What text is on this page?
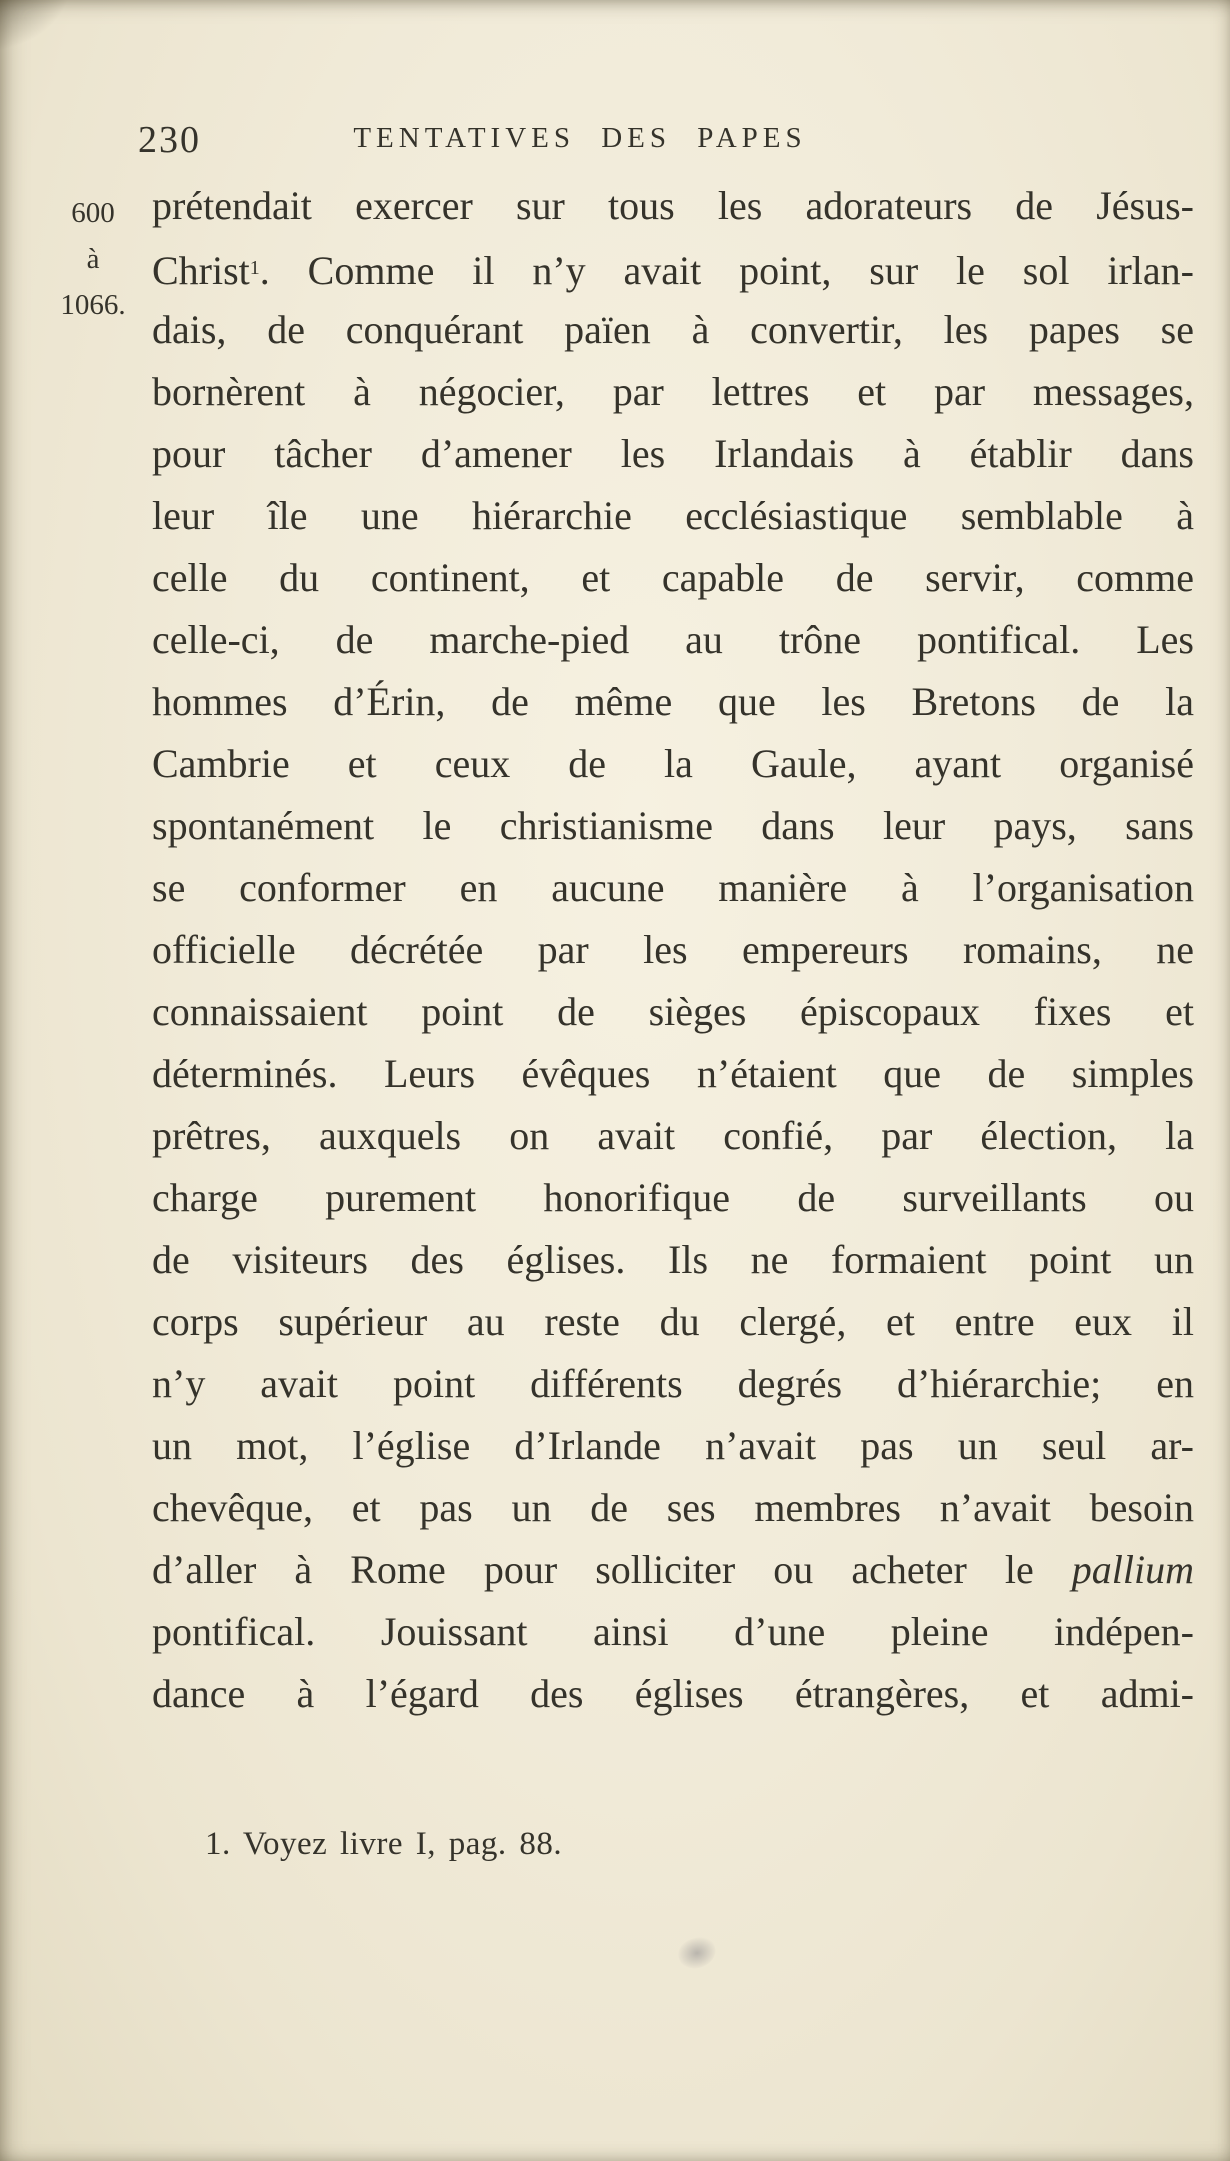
230	TENTATIVES DES PAPES
600
à
1066.
prétendait exercer sur tous les adorateurs de Jésus-
Christ$^1$. Comme il n’y avait point, sur le sol irlan-
dais, de conquérant païen à convertir, les papes se
bornèrent à négocier, par lettres et par messages,
pour tâcher d’amener les Irlandais à établir dans
leur île une hiérarchie ecclésiastique semblable à
celle du continent, et capable de servir, comme
celle-ci, de marche-pied au trône pontifical. Les
hommes d’Érin, de même que les Bretons de la
Cambrie et ceux de la Gaule, ayant organisé
spontanément le christianisme dans leur pays, sans
se conformer en aucune manière à l’organisation
officielle décrétée par les empereurs romains, ne
connaissaient point de sièges épiscopaux fixes et
déterminés. Leurs évêques n’étaient que de simples
prêtres, auxquels on avait confié, par élection, la
charge purement honorifique de surveillants ou
de visiteurs des églises. Ils ne formaient point un
corps supérieur au reste du clergé, et entre eux il
n’y avait point différents degrés d’hiérarchie; en
un mot, l’église d’Irlande n’avait pas un seul ar-
chevêque, et pas un de ses membres n’avait besoin
d’aller à Rome pour solliciter ou acheter le pallium
pontifical. Jouissant ainsi d’une pleine indépen-
dance à l’égard des églises étrangères, et admi-
1. Voyez livre I, pag. 88.
